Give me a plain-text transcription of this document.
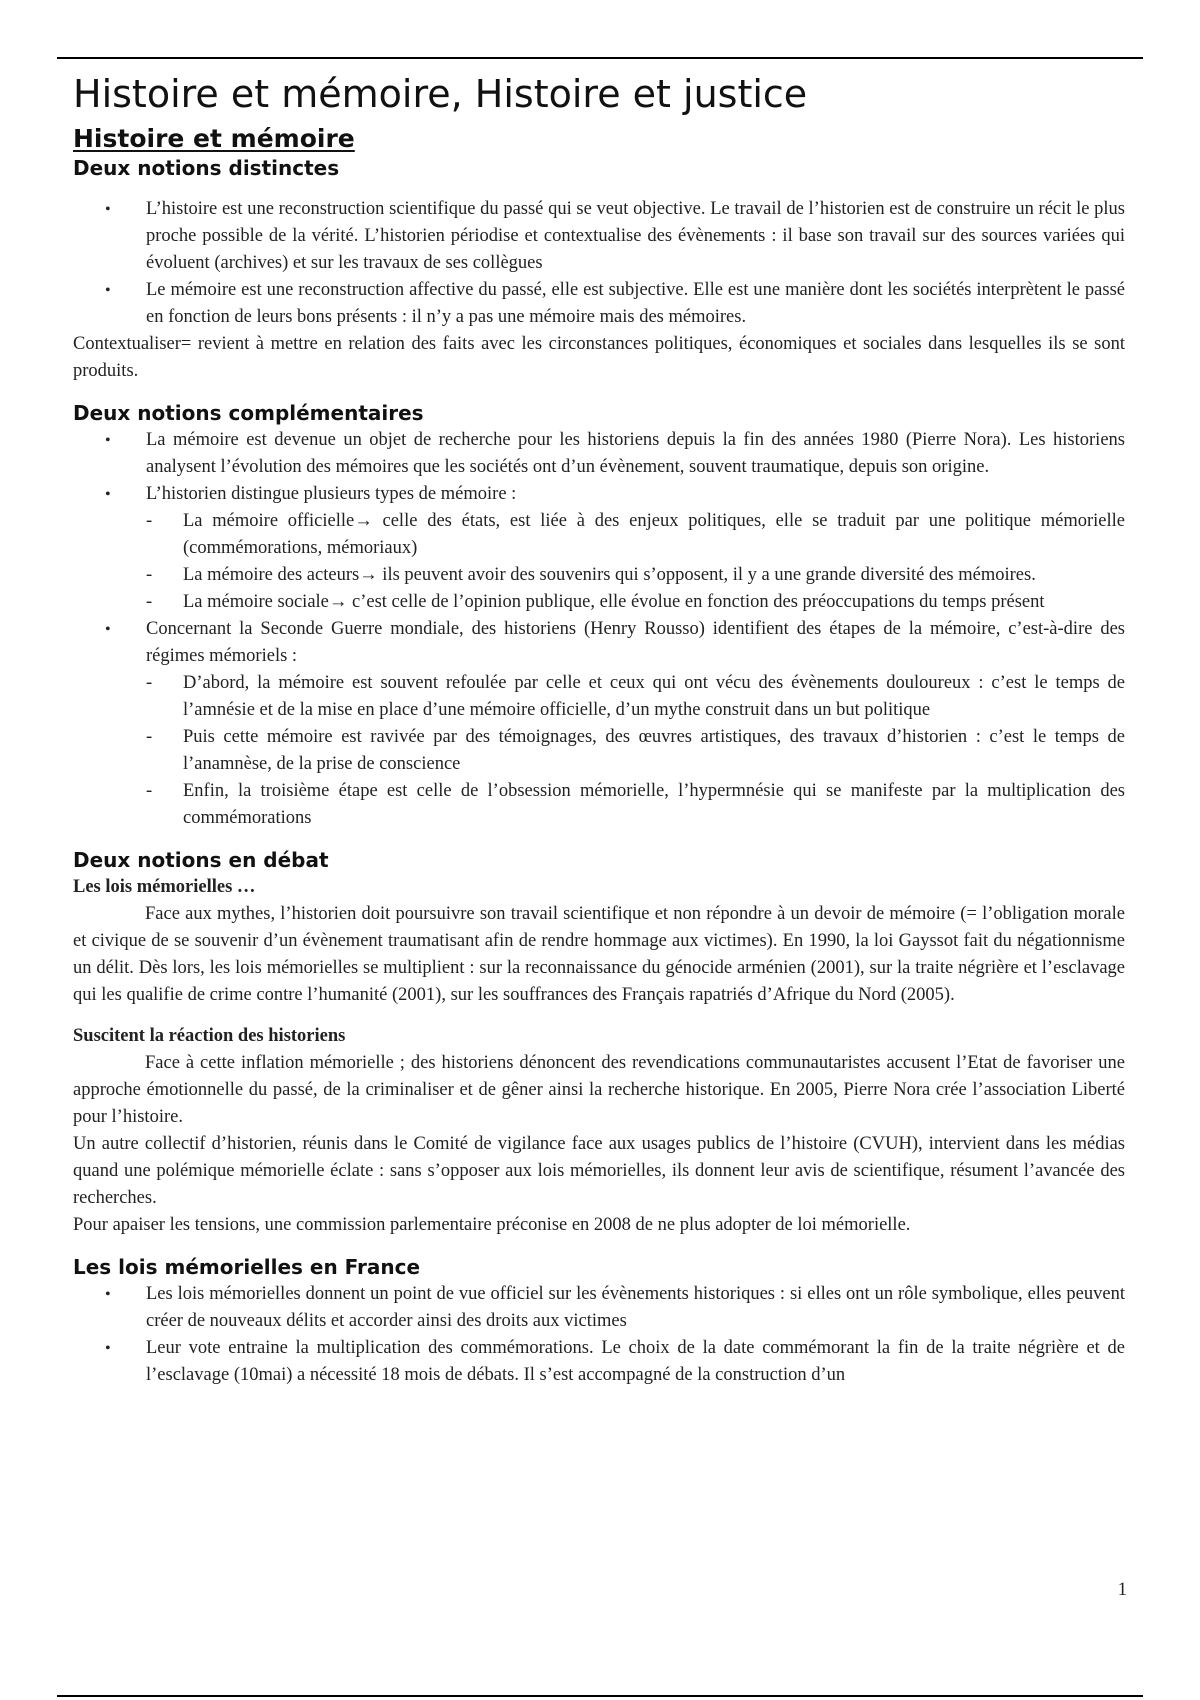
Histoire et mémoire, Histoire et justice
Histoire et mémoire
Deux notions distinctes
• L’histoire est une reconstruction scientifique du passé qui se veut objective. Le travail de l’historien est de construire un récit le plus proche possible de la vérité. L’historien périodise et contextualise des évènements : il base son travail sur des sources variées qui évoluent (archives) et sur les travaux de ses collègues
• Le mémoire est une reconstruction affective du passé, elle est subjective. Elle est une manière dont les sociétés interprètent le passé en fonction de leurs bons présents : il n’y a pas une mémoire mais des mémoires.

Contextualiser= revient à mettre en relation des faits avec les circonstances politiques, économiques et sociales dans lesquelles ils se sont produits.

Deux notions complémentaires
• La mémoire est devenue un objet de recherche pour les historiens depuis la fin des années 1980 (Pierre Nora). Les historiens analysent l’évolution des mémoires que les sociétés ont d’un évènement, souvent traumatique, depuis son origine.
• L’historien distingue plusieurs types de mémoire :
- La mémoire officielle→ celle des états, est liée à des enjeux politiques, elle se traduit par une politique mémorielle (commémorations, mémoriaux)
- La mémoire des acteurs→ ils peuvent avoir des souvenirs qui s’opposent, il y a une grande diversité des mémoires.
- La mémoire sociale→ c’est celle de l’opinion publique, elle évolue en fonction des préoccupations du temps présent
• Concernant la Seconde Guerre mondiale, des historiens (Henry Rousso) identifient des étapes de la mémoire, c’est-à-dire des régimes mémoriels :
- D’abord, la mémoire est souvent refoulée par celle et ceux qui ont vécu des évènements douloureux : c’est le temps de l’amnésie et de la mise en place d’une mémoire officielle, d’un mythe construit dans un but politique
- Puis cette mémoire est ravivée par des témoignages, des œuvres artistiques, des travaux d’historien : c’est le temps de l’anamnèse, de la prise de conscience
- Enfin, la troisième étape est celle de l’obsession mémorielle, l’hypermnésie qui se manifeste par la multiplication des commémorations
Deux notions en débat
Les lois mémorielles …

Face aux mythes, l’historien doit poursuivre son travail scientifique et non répondre à un devoir de mémoire (= l’obligation morale et civique de se souvenir d’un évènement traumatisant afin de rendre hommage aux victimes). En 1990, la loi Gayssot fait du négationnisme un délit. Dès lors, les lois mémorielles se multiplient : sur la reconnaissance du génocide arménien (2001), sur la traite négrière et l’esclavage qui les qualifie de crime contre l’humanité (2001), sur les souffrances des Français rapatriés d’Afrique du Nord (2005).

Suscitent la réaction des historiens

Face à cette inflation mémorielle ; des historiens dénoncent des revendications communautaristes accusent l’Etat de favoriser une approche émotionnelle du passé, de la criminaliser et de gêner ainsi la recherche historique. En 2005, Pierre Nora crée l’association Liberté pour l’histoire.

Un autre collectif d’historien, réunis dans le Comité de vigilance face aux usages publics de l’histoire (CVUH), intervient dans les médias quand une polémique mémorielle éclate : sans s’opposer aux lois mémorielles, ils donnent leur avis de scientifique, résument l’avancée des recherches.

Pour apaiser les tensions, une commission parlementaire préconise en 2008 de ne plus adopter de loi mémorielle.

Les lois mémorielles en France
• Les lois mémorielles donnent un point de vue officiel sur les évènements historiques : si elles ont un rôle symbolique, elles peuvent créer de nouveaux délits et accorder ainsi des droits aux victimes
• Leur vote entraine la multiplication des commémorations. Le choix de la date commémorant la fin de la traite négrière et de l’esclavage (10mai) a nécessité 18 mois de débats. Il s’est accompagné de la construction d’un
1
